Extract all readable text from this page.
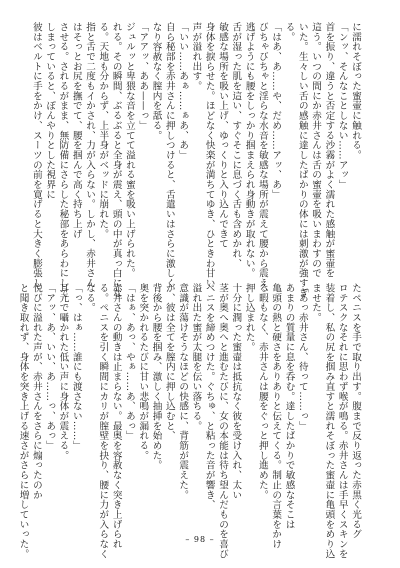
に濡れそぼった蜜壷に触れる。

「ンッ、そんなことしない……アッ」

首を振り、違うと否定する沙霧がよく濡れた感触が蜜壷を

這う。いつの間にか赤井さんは舌の蜜壷を吸いまわすので

いた。生々しい舌の感触に達したばかりの体には刺激が強すぎ

る。

「はあ、あ……や、だめ……アッ、あ」

びちゃびちゃと淫らな水音を敏感な場所が震えて腰から震え、

逃げようにも腰をしっかり掴まえられ身動きが取れない。

舌が湿った肌を這い、すぐそこに息づく舌も含めかれ、

敏感な場所を吸い上げ、ゆっくりと入り込んできて

身体を捩らせた。ほどなく快楽が満ちてゆき、ひときわ甘い

声が溢れ出す。

「いい……あぁ……ぁあ、あ」

自ら秘部を赤井さんに押しつけると、舌遣いはさらに激しく

なり容赦なく膣内を舐る。

「アアッ、ああ——っ」

ジュルッと卑猥な音を立てて溢れる蜜を吸い上げられた。

れる。その瞬間、ぶるぶると全身が震え、頭の中が真っ白にな

る。天地も分からず、上半身がベッドに崩れた。

指と舌で二度もイかされ、力が入らない。しかし、赤井さん

はそっとお尻を撫でて、腰を掴んで高く持ち上げ

させる。されるがまま、無防備にさらした秘部をあらわにして

しまっていると、ぽんやりとした視界に

彼はベルトに手をかけ、スーツの前を寛げると大きく膨張し

たペニスを手で取り出す。腹まで反り返った赤黒く光るグ

ロテスクなそれに思わず喉が鳴る。赤井さんは手早くスキンを

装着し、私の尻を掴み直すと濡れそぼった蜜壷に亀頭をめり込

ませた。

「あっ赤井さん、待って……っ」

あまりの質量に息を呑む。達したばかりで敏感なそこは

亀頭の熱と硬さをありありと伝えてくる。制止の言葉をかけ

る暇もなく、赤井さんは腰をぐっと押し進めた。

押し込まれた。

十分に潤った蜜壷は抵抗なく彼を受け入れ、太い

茎が奥へ奥へと進むたびに、女の本能は待ち望んだものを喜び

ペニスを締めつけた。ぐちゅ、と粘った音が響き、

溢れ出た蜜が太腿を伝い落ちる。

意識が蕩けそうなほどの快感に、背筋が震えた。

が、彼は全てを膣内に押し込むと、

背後から腰を掴み、激しく抽挿を始めた。

奥を突かれるたびに甘い悲鳴が漏れる。

「はぁ、あっ、やぁ……あ、あっ」

赤井さんの動きは止まらない。最奥を容赦なく突き上げられ

る。ペニスを引く瞬間にカリが膣壁を抉り、腰に力が入らなく

なる。

「っ、はぁ……誰にも渡さない……」

耳元で囁かれた低い声に身体が震える。

「アッ、あ、いい、あ……っ、あっ」

悦びに溢れた声が、赤井さんをさらに煽ったのか

と聞き取れず、身体を突き上げる速さがさらに増していった。	– 98 –
